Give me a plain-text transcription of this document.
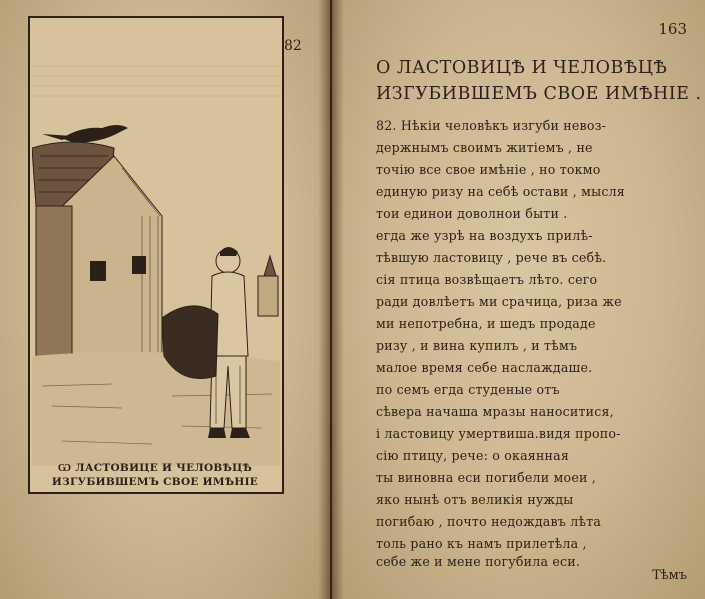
82
Ѡ ЛАСТОВИЦЕ И ЧЕЛОВѢЦѢ
ИЗГУБИВШЕМЪ СВОЕ ИМѢНІЕ
163
О ЛАСТОВИЦѢ И ЧЕЛОВѢЦѢ
ИЗГУБИВШЕМЪ СВОЕ ИМѢНІЕ .
82. Нѣкіи человѣкъ изгуби невоз-
держнымъ своимъ житіемъ , не
точію все свое имѣніе , но токмо
единую ризу на себѣ остави , мысля
тои единои доволнои быти .
егда же узрѣ на воздухъ прилѣ-
тѣвшую ластовицу , рече въ себѣ.
сія птица возвѣщаетъ лѣто. сего
ради довлѣетъ ми срачица, риза же
ми непотребна, и шедъ продаде
ризу , и вина купилъ , и тѣмъ
малое время себе наслаждаше.
по семъ егда студеные отъ
сѣвера начаша мразы наноситися,
і ластовицу умертвиша.видя пропо-
сію птицу, рече: о окаянная
ты виновна еси погибели моеи ,
яко нынѣ отъ великія нужды
погибаю , почто недождавъ лѣта
толь рано къ намъ прилетѣла ,
себе же и мене погубила еси.
Тѣмъ
